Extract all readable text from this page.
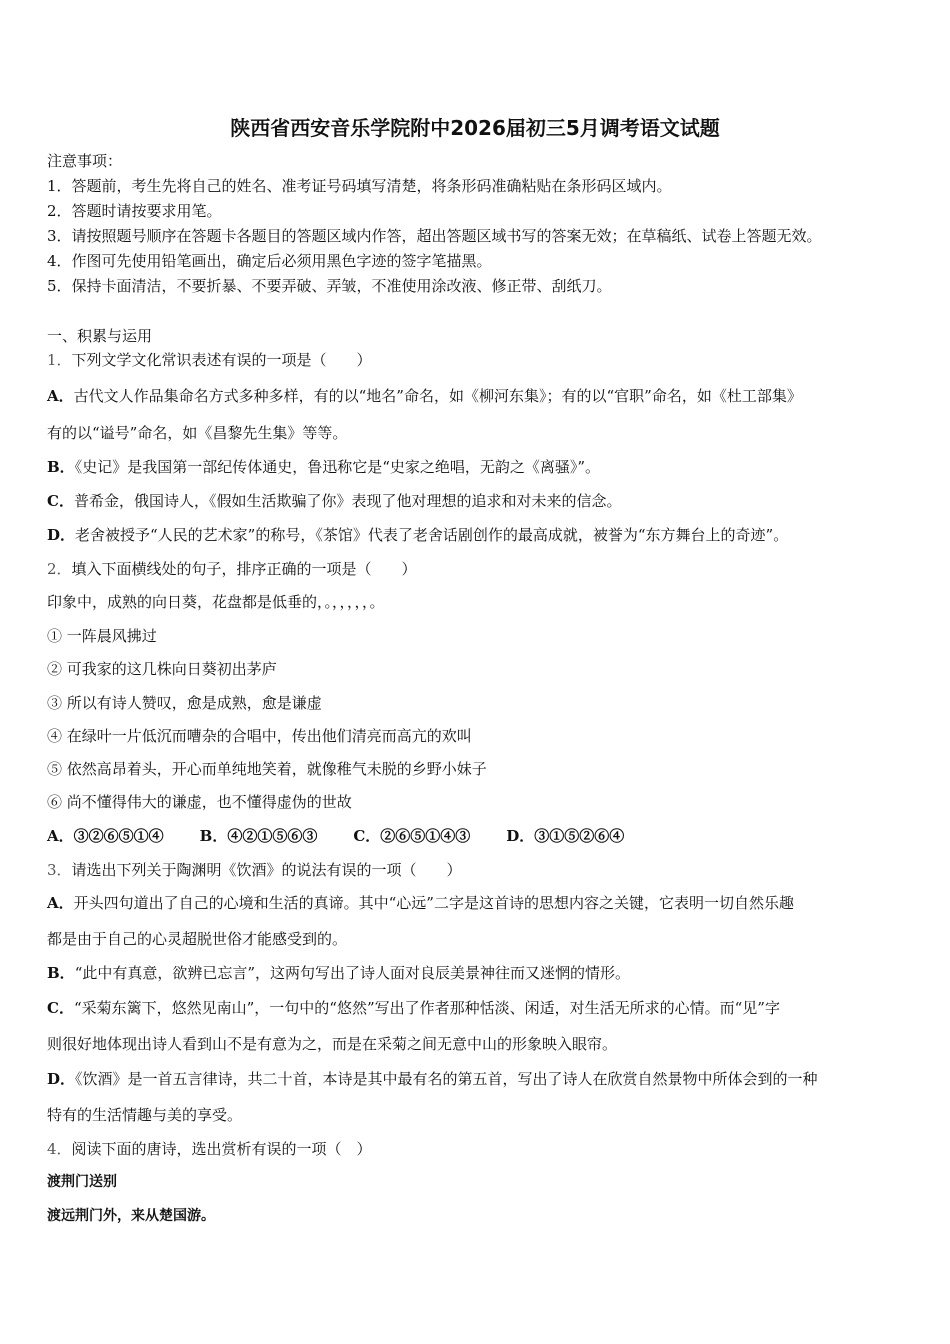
陕西省西安音乐学院附中2026届初三5月调考语文试题
注意事项：
1．答题前，考生先将自己的姓名、准考证号码填写清楚，将条形码准确粘贴在条形码区域内。
2．答题时请按要求用笔。
3．请按照题号顺序在答题卡各题目的答题区域内作答，超出答题区域书写的答案无效；在草稿纸、试卷上答题无效。
4．作图可先使用铅笔画出，确定后必须用黑色字迹的签字笔描黑。
5．保持卡面清洁，不要折暴、不要弄破、弄皱，不准使用涂改液、修正带、刮纸刀。
一、积累与运用
1．下列文学文化常识表述有误的一项是（　　）
A．古代文人作品集命名方式多种多样，有的以“地名”命名，如《柳河东集》；有的以“官职”命名，如《杜工部集》
有的以“谥号”命名，如《昌黎先生集》等等。
B．《史记》是我国第一部纪传体通史，鲁迅称它是“史家之绝唱，无韵之《离骚》”。
C．普希金，俄国诗人，《假如生活欺骗了你》表现了他对理想的追求和对未来的信念。
D．老舍被授予“人民的艺术家”的称号，《茶馆》代表了老舍话剧创作的最高成就，被誉为“东方舞台上的奇迹”。
2．填入下面横线处的句子，排序正确的一项是（　　）
印象中，成熟的向日葵，花盘都是低垂的，。，，，，，。
① 一阵晨风拂过
② 可我家的这几株向日葵初出茅庐
③ 所以有诗人赞叹，愈是成熟，愈是谦虚
④ 在绿叶一片低沉而嘈杂的合唱中，传出他们清亮而高亢的欢叫
⑤ 依然高昂着头，开心而单纯地笑着，就像稚气未脱的乡野小妹子
⑥ 尚不懂得伟大的谦虚，也不懂得虚伪的世故
A．③②⑥⑤①④ B．④②①⑤⑥③ C．②⑥⑤①④③ D．③①⑤②⑥④
3．请选出下列关于陶渊明《饮酒》的说法有误的一项（　　）
A．开头四句道出了自己的心境和生活的真谛。其中“心远”二字是这首诗的思想内容之关键，它表明一切自然乐趣
都是由于自己的心灵超脱世俗才能感受到的。
B．“此中有真意，欲辨已忘言”，这两句写出了诗人面对良辰美景神往而又迷惘的情形。
C．“采菊东篱下，悠然见南山”，一句中的“悠然”写出了作者那种恬淡、闲适，对生活无所求的心情。而“见”字
则很好地体现出诗人看到山不是有意为之，而是在采菊之间无意中山的形象映入眼帘。
D．《饮酒》是一首五言律诗，共二十首，本诗是其中最有名的第五首，写出了诗人在欣赏自然景物中所体会到的一种
特有的生活情趣与美的享受。
4．阅读下面的唐诗，选出赏析有误的一项（　）
渡荆门送别
渡远荆门外，来从楚国游。
